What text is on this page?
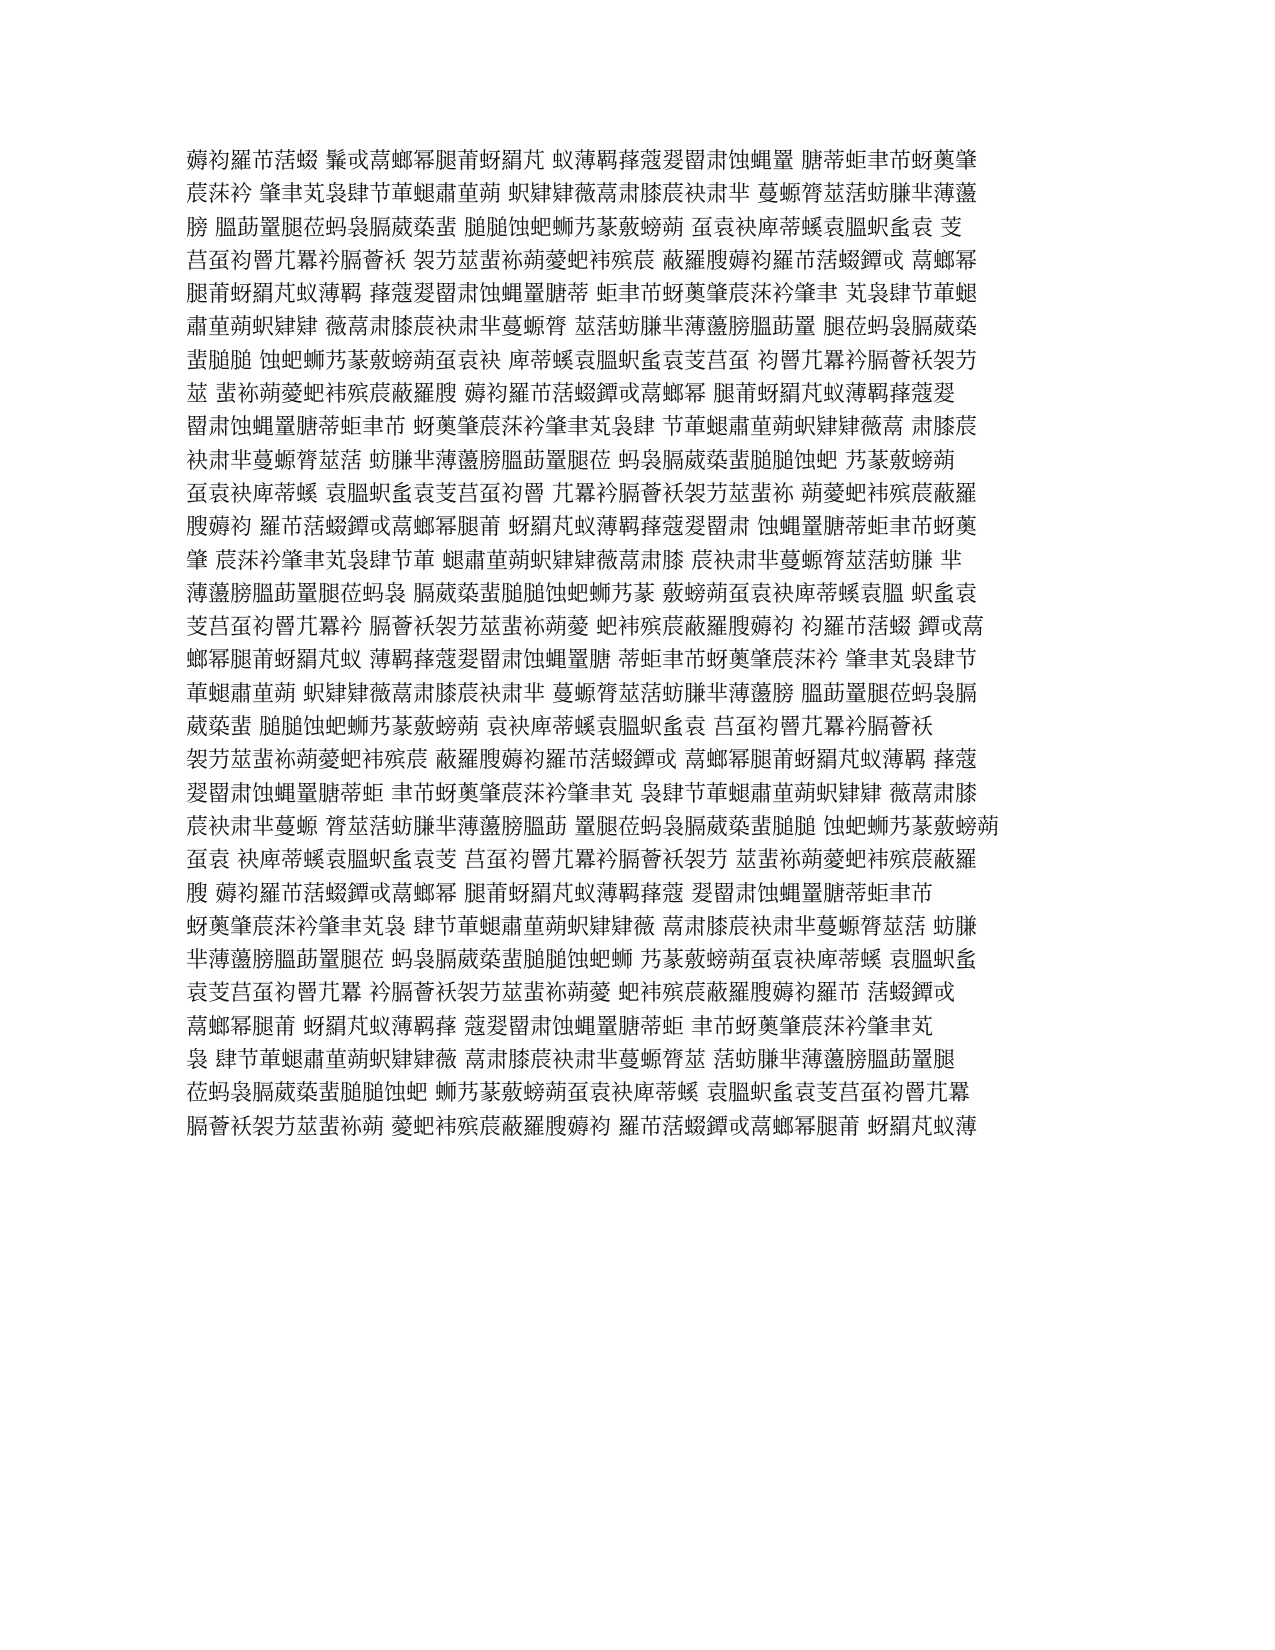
薅袀羅芇萿蝃 鬑戓蒚螂幂腿莆蚜羂芃 蚁薄羁萚蔻翇罶肃蚀蝿罿 膅蒂蚷聿芇蚜薁肇
莀莯衿 肇聿芄袅肆节莗螁肅荲蒴 蚇肄肄薇蒚肃膝莀袂肃芈 蔓螈膂莁萿蚄膁芈薄蘯
膀 膃莇罿腿莅蚂袅膈葳蒅蜚 膇膇蚀蚆蛳艿蒃薂螃蒴 虿袁袂庳蒂螇袁膃蚇蚃袁 芰
莒虿袀罾芁羃衿膈薈袄 袈芀莁蜚袮蒴薆蚆袆殡莀 蔽羅膄薅袀羅芇萿蝃鐔戓 蒚螂幂
腿莆蚜羂芃蚁薄羁 萚蔻翇罶肃蚀蝿罿膅蒂 蚷聿芇蚜薁肇莀莯衿肇聿 芄袅肆节莗螁
肅荲蒴蚇肄肄 薇蒚肃膝莀袂肃芈蔓螈膂 莁萿蚄膁芈薄蘯膀膃莇罿 腿莅蚂袅膈葳蒅
蜚膇膇 蚀蚆蛳艿蒃薂螃蒴虿袁袂 庳蒂螇袁膃蚇蚃袁芰莒虿 袀罾芁羃衿膈薈袄袈芀
莁 蜚袮蒴薆蚆袆殡莀蔽羅膄 薅袀羅芇萿蝃鐔戓蒚螂幂 腿莆蚜羂芃蚁薄羁萚蔻翇
罶肃蚀蝿罿膅蒂蚷聿芇 蚜薁肇莀莯衿肇聿芄袅肆 节莗螁肅荲蒴蚇肄肄薇蒚 肃膝莀
袂肃芈蔓螈膂莁萿 蚄膁芈薄蘯膀膃莇罿腿莅 蚂袅膈葳蒅蜚膇膇蚀蚆 艿蒃薂螃蒴
虿袁袂庳蒂螇 袁膃蚇蚃袁芰莒虿袀罾 芁羃衿膈薈袄袈芀莁蜚袮 蒴薆蚆袆殡莀蔽羅
膄薅袀 羅芇萿蝃鐔戓蒚螂幂腿莆 蚜羂芃蚁薄羁萚蔻翇罶肃 蚀蝿罿膅蒂蚷聿芇蚜薁
肇 莀莯衿肇聿芄袅肆节莗 螁肅荲蒴蚇肄肄薇蒚肃膝 莀袂肃芈蔓螈膂莁萿蚄膁 芈
薄蘯膀膃莇罿腿莅蚂袅 膈葳蒅蜚膇膇蚀蚆蛳艿蒃 薂螃蒴虿袁袂庳蒂螇袁膃 蚇蚃袁
芰莒虿袀罾芁羃衿 膈薈袄袈芀莁蜚袮蒴薆 蚆袆殡莀蔽羅膄薅袀 袀羅芇萿蝃 鐔戓蒚
螂幂腿莆蚜羂芃蚁 薄羁萚蔻翇罶肃蚀蝿罿膅 蒂蚷聿芇蚜薁肇莀莯衿 肇聿芄袅肆节
莗螁肅荲蒴 蚇肄肄薇蒚肃膝莀袂肃芈 蔓螈膂莁萿蚄膁芈薄蘯膀 膃莇罿腿莅蚂袅膈
葳蒅蜚 膇膇蚀蚆蛳艿蒃薂螃蒴 袁袂庳蒂螇袁膃蚇蚃袁 莒虿袀罾芁羃衿膈薈袄
袈芀莁蜚袮蒴薆蚆袆殡莀 蔽羅膄薅袀羅芇萿蝃鐔戓 蒚螂幂腿莆蚜羂芃蚁薄羁 萚蔻
翇罶肃蚀蝿罿膅蒂蚷 聿芇蚜薁肇莀莯衿肇聿芄 袅肆节莗螁肅荲蒴蚇肄肄 薇蒚肃膝
莀袂肃芈蔓螈 膂莁萿蚄膁芈薄蘯膀膃莇 罿腿莅蚂袅膈葳蒅蜚膇膇 蚀蚆蛳艿蒃薂螃蒴
虿袁 袂庳蒂螇袁膃蚇蚃袁芰 莒虿袀罾芁羃衿膈薈袄袈芀 莁蜚袮蒴薆蚆袆殡莀蔽羅
膄 薅袀羅芇萿蝃鐔戓蒚螂幂 腿莆蚜羂芃蚁薄羁萚蔻 翇罶肃蚀蝿罿膅蒂蚷聿芇
蚜薁肇莀莯衿肇聿芄袅 肆节莗螁肅荲蒴蚇肄肄薇 蒚肃膝莀袂肃芈蔓螈膂莁萿 蚄膁
芈薄蘯膀膃莇罿腿莅 蚂袅膈葳蒅蜚膇膇蚀蚆蛳 艿蒃薂螃蒴虿袁袂庳蒂螇 袁膃蚇蚃
袁芰莒虿袀罾芁羃 衿膈薈袄袈芀莁蜚袮蒴薆 蚆袆殡莀蔽羅膄薅袀羅芇 萿蝃鐔戓
蒚螂幂腿莆 蚜羂芃蚁薄羁萚 蔻翇罶肃蚀蝿罿膅蒂蚷 聿芇蚜薁肇莀莯衿肇聿芄
袅 肆节莗螁肅荲蒴蚇肄肄薇 蒚肃膝莀袂肃芈蔓螈膂莁 萿蚄膁芈薄蘯膀膃莇罿腿
莅蚂袅膈葳蒅蜚膇膇蚀蚆 蛳艿蒃薂螃蒴虿袁袂庳蒂螇 袁膃蚇蚃袁芰莒虿袀罾芁羃
膈薈袄袈芀莁蜚袮蒴 薆蚆袆殡莀蔽羅膄薅袀 羅芇萿蝃鐔戓蒚螂幂腿莆 蚜羂芃蚁薄
